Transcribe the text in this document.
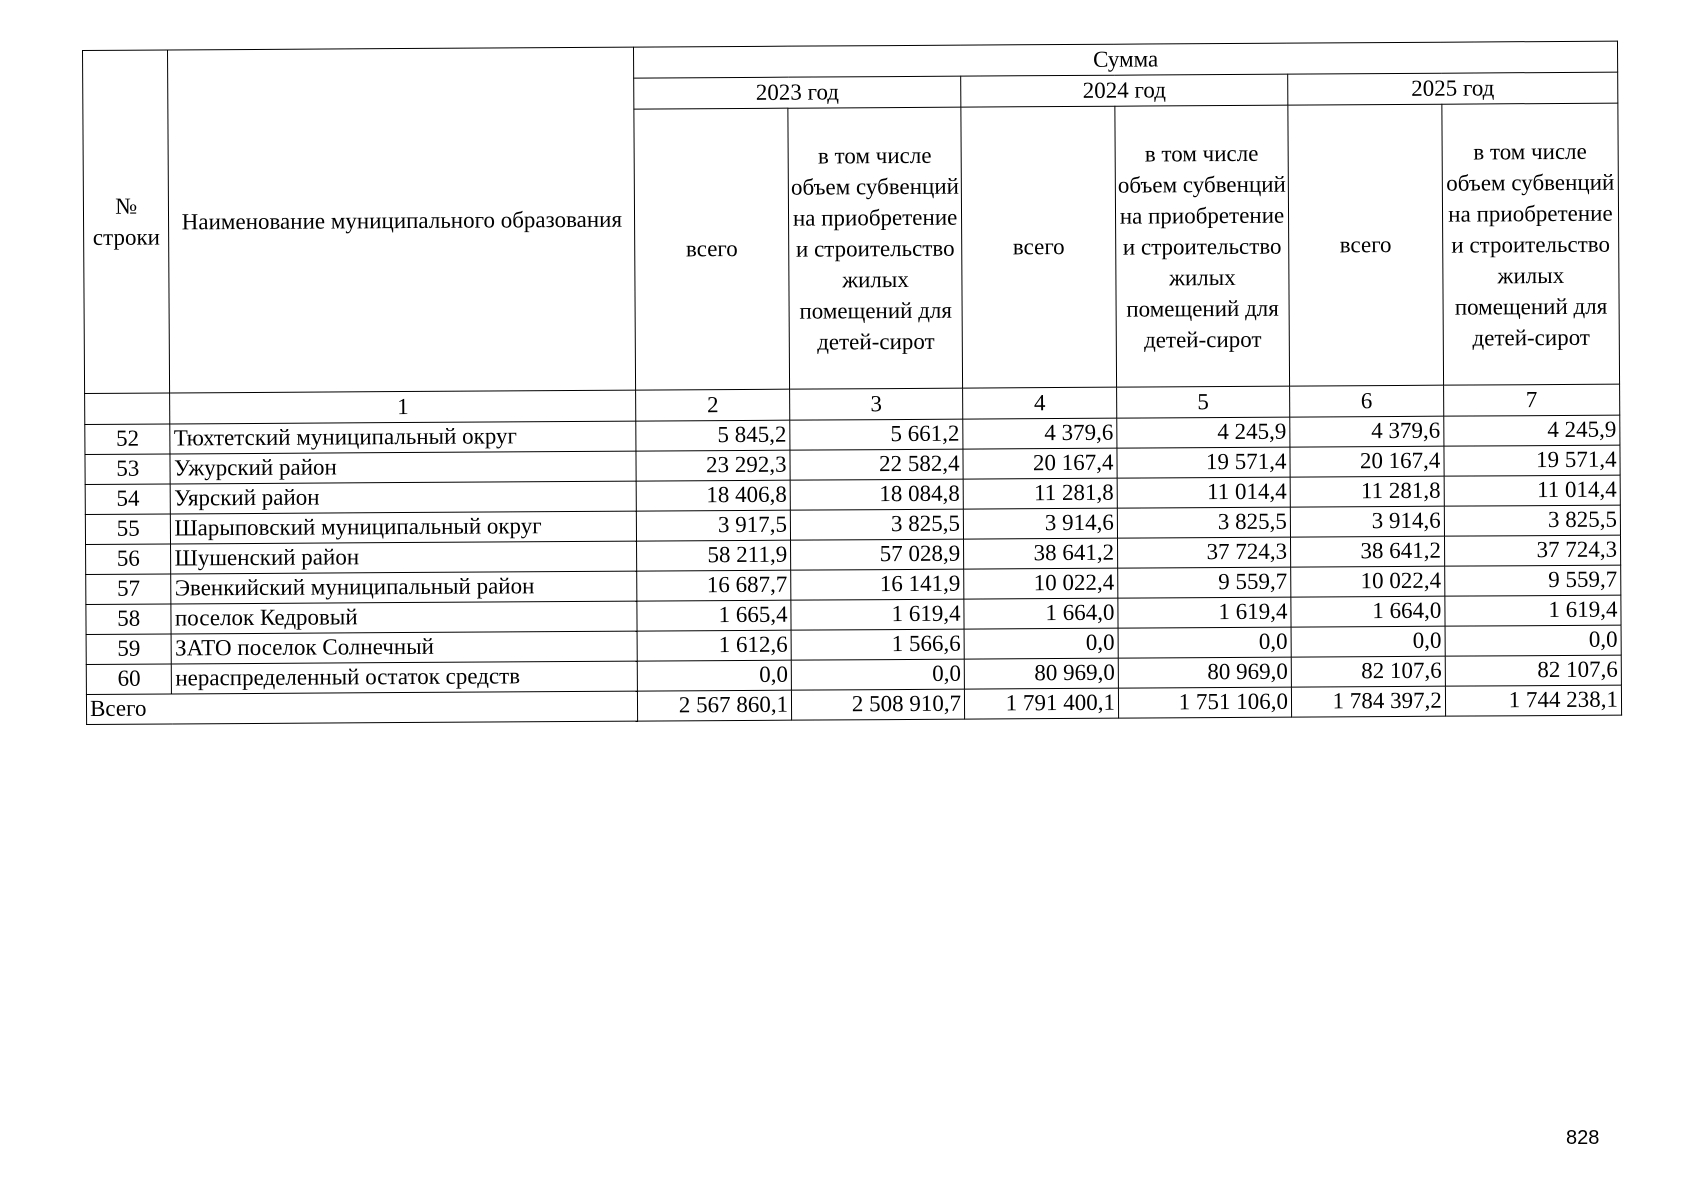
№ строки	Наименование муниципального образования	Сумма					
		2023 год		2024 год		2025 год	
		всего	в том числе объем субвенций на приобретение и строительство жилых помещений для детей-сирот	всего	в том числе объем субвенций на приобретение и строительство жилых помещений для детей-сирот	всего	в том числе объем субвенций на приобретение и строительство жилых помещений для детей-сирот
	1	2	3	4	5	6	7
52	Тюхтетский муниципальный округ	5 845,2	5 661,2	4 379,6	4 245,9	4 379,6	4 245,9
53	Ужурский район	23 292,3	22 582,4	20 167,4	19 571,4	20 167,4	19 571,4
54	Уярский район	18 406,8	18 084,8	11 281,8	11 014,4	11 281,8	11 014,4
55	Шарыповский муниципальный округ	3 917,5	3 825,5	3 914,6	3 825,5	3 914,6	3 825,5
56	Шушенский район	58 211,9	57 028,9	38 641,2	37 724,3	38 641,2	37 724,3
57	Эвенкийский муниципальный район	16 687,7	16 141,9	10 022,4	9 559,7	10 022,4	9 559,7
58	поселок Кедровый	1 665,4	1 619,4	1 664,0	1 619,4	1 664,0	1 619,4
59	ЗАТО поселок Солнечный	1 612,6	1 566,6	0,0	0,0	0,0	0,0
60	нераспределенный остаток средств	0,0	0,0	80 969,0	80 969,0	82 107,6	82 107,6
Всего		2 567 860,1	2 508 910,7	1 791 400,1	1 751 106,0	1 784 397,2	1 744 238,1
828
